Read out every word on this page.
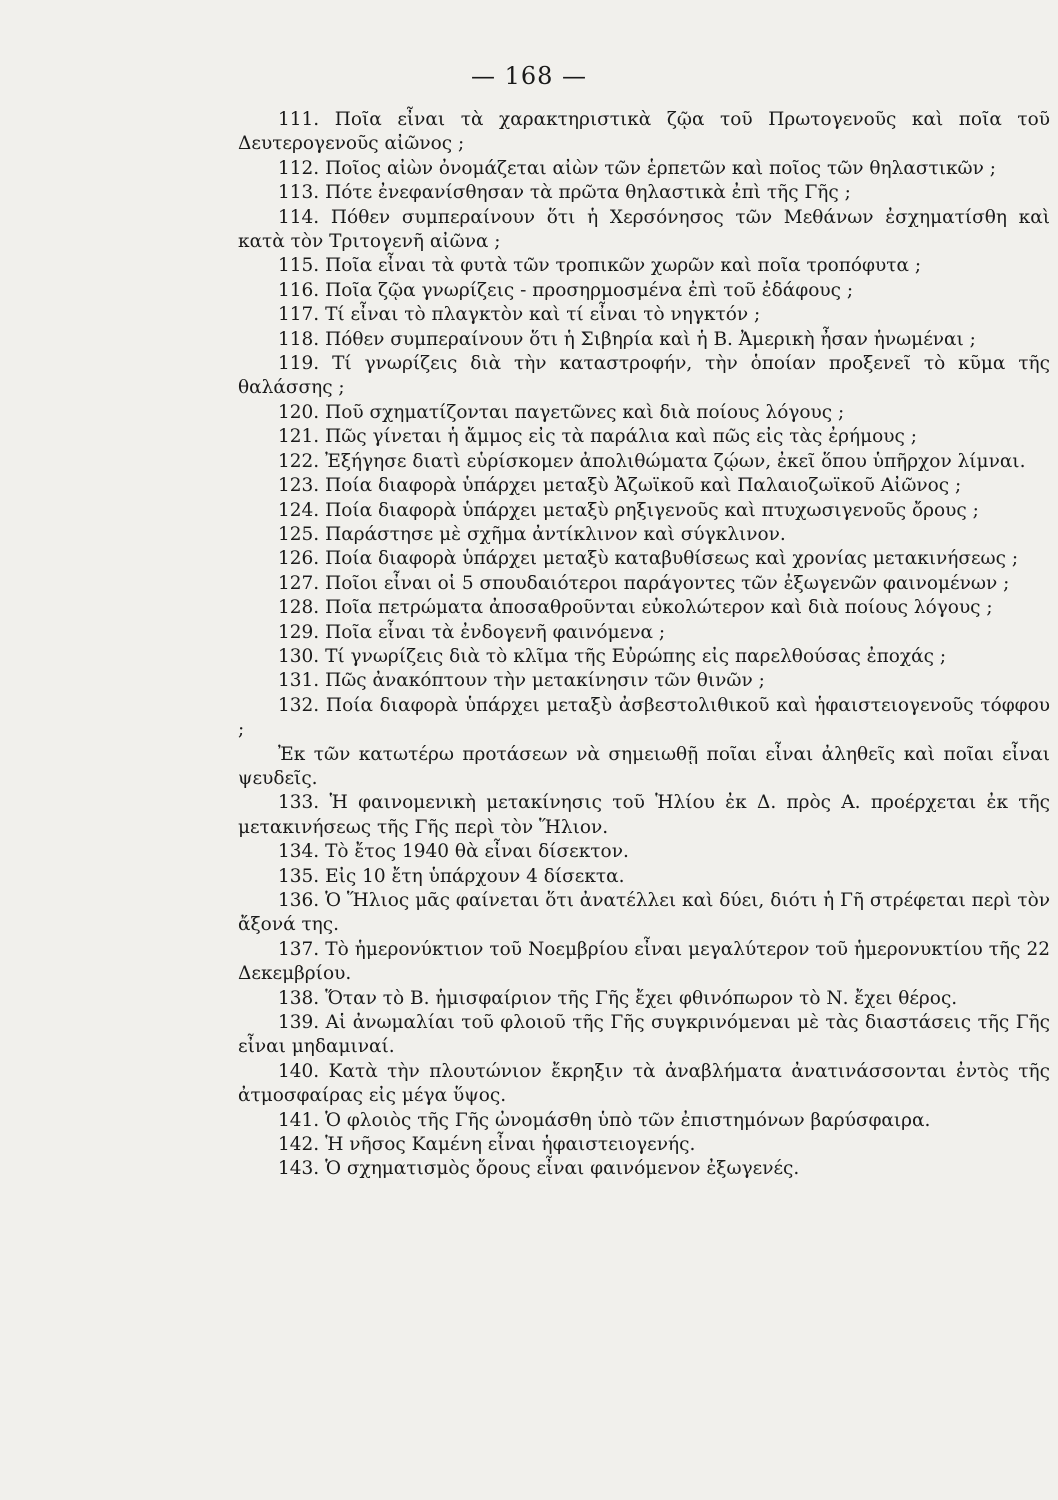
— 168 —

111. Ποῖα εἶναι τὰ χαρακτηριστικὰ ζῷα τοῦ Πρωτογενοῦς καὶ ποῖα τοῦ Δευτερογενοῦς αἰῶνος ;

112. Ποῖος αἰὼν ὀνομάζεται αἰὼν τῶν ἑρπετῶν καὶ ποῖος τῶν θηλαστικῶν ;

113. Πότε ἐνεφανίσθησαν τὰ πρῶτα θηλαστικὰ ἐπὶ τῆς Γῆς ;

114. Πόθεν συμπεραίνουν ὅτι ἡ Χερσόνησος τῶν Μεθάνων ἐσχηματίσθη καὶ κατὰ τὸν Τριτογενῆ αἰῶνα ;

115. Ποῖα εἶναι τὰ φυτὰ τῶν τροπικῶν χωρῶν καὶ ποῖα τροπόφυτα ;

116. Ποῖα ζῷα γνωρίζεις - προσηρμοσμένα ἐπὶ τοῦ ἐδάφους ;

117. Τί εἶναι τὸ πλαγκτὸν καὶ τί εἶναι τὸ νηγκτόν ;

118. Πόθεν συμπεραίνουν ὅτι ἡ Σιβηρία καὶ ἡ Β. Ἀμερικὴ ἦσαν ἡνωμέναι ;

119. Τί γνωρίζεις διὰ τὴν καταστροφήν, τὴν ὁποίαν προξενεῖ τὸ κῦμα τῆς θαλάσσης ;

120. Ποῦ σχηματίζονται παγετῶνες καὶ διὰ ποίους λόγους ;

121. Πῶς γίνεται ἡ ἄμμος εἰς τὰ παράλια καὶ πῶς εἰς τὰς ἐρήμους ;

122. Ἐξήγησε διατὶ εὑρίσκομεν ἀπολιθώματα ζῴων, ἐκεῖ ὅπου ὑπῆρχον λίμναι.

123. Ποία διαφορὰ ὑπάρχει μεταξὺ Ἀζωϊκοῦ καὶ Παλαιοζωϊκοῦ Αἰῶνος ;

124. Ποία διαφορὰ ὑπάρχει μεταξὺ ρηξιγενοῦς καὶ πτυχωσιγενοῦς ὄρους ;

125. Παράστησε μὲ σχῆμα ἀντίκλινον καὶ σύγκλινον.

126. Ποία διαφορὰ ὑπάρχει μεταξὺ καταβυθίσεως καὶ χρονίας μετακινήσεως ;

127. Ποῖοι εἶναι οἱ 5 σπουδαιότεροι παράγοντες τῶν ἐξωγενῶν φαινομένων ;

128. Ποῖα πετρώματα ἀποσαθροῦνται εὐκολώτερον καὶ διὰ ποίους λόγους ;

129. Ποῖα εἶναι τὰ ἐνδογενῆ φαινόμενα ;

130. Τί γνωρίζεις διὰ τὸ κλῖμα τῆς Εὐρώπης εἰς παρελθούσας ἐποχάς ;

131. Πῶς ἀνακόπτουν τὴν μετακίνησιν τῶν θινῶν ;

132. Ποία διαφορὰ ὑπάρχει μεταξὺ ἀσβεστολιθικοῦ καὶ ἡφαιστειογενοῦς τόφφου ;

Ἐκ τῶν κατωτέρω προτάσεων νὰ σημειωθῇ ποῖαι εἶναι ἀληθεῖς καὶ ποῖαι εἶναι ψευδεῖς.

133. Ἡ φαινομενικὴ μετακίνησις τοῦ Ἡλίου ἐκ Δ. πρὸς Α. προέρχεται ἐκ τῆς μετακινήσεως τῆς Γῆς περὶ τὸν Ἥλιον.

134. Τὸ ἔτος 1940 θὰ εἶναι δίσεκτον.

135. Εἰς 10 ἔτη ὑπάρχουν 4 δίσεκτα.

136. Ὁ Ἥλιος μᾶς φαίνεται ὅτι ἀνατέλλει καὶ δύει, διότι ἡ Γῆ στρέφεται περὶ τὸν ἄξονά της.

137. Τὸ ἡμερονύκτιον τοῦ Νοεμβρίου εἶναι μεγαλύτερον τοῦ ἡμερονυκτίου τῆς 22 Δεκεμβρίου.

138. Ὅταν τὸ Β. ἡμισφαίριον τῆς Γῆς ἔχει φθινόπωρον τὸ Ν. ἔχει θέρος.

139. Αἱ ἀνωμαλίαι τοῦ φλοιοῦ τῆς Γῆς συγκρινόμεναι μὲ τὰς διαστάσεις τῆς Γῆς εἶναι μηδαμιναί.

140. Κατὰ τὴν πλουτώνιον ἔκρηξιν τὰ ἀναβλήματα ἀνατινάσσονται ἐντὸς τῆς ἀτμοσφαίρας εἰς μέγα ὕψος.

141. Ὁ φλοιὸς τῆς Γῆς ὠνομάσθη ὑπὸ τῶν ἐπιστημόνων βαρύσφαιρα.

142. Ἡ νῆσος Καμένη εἶναι ἡφαιστειογενής.

143. Ὁ σχηματισμὸς ὄρους εἶναι φαινόμενον ἐξωγενές.
